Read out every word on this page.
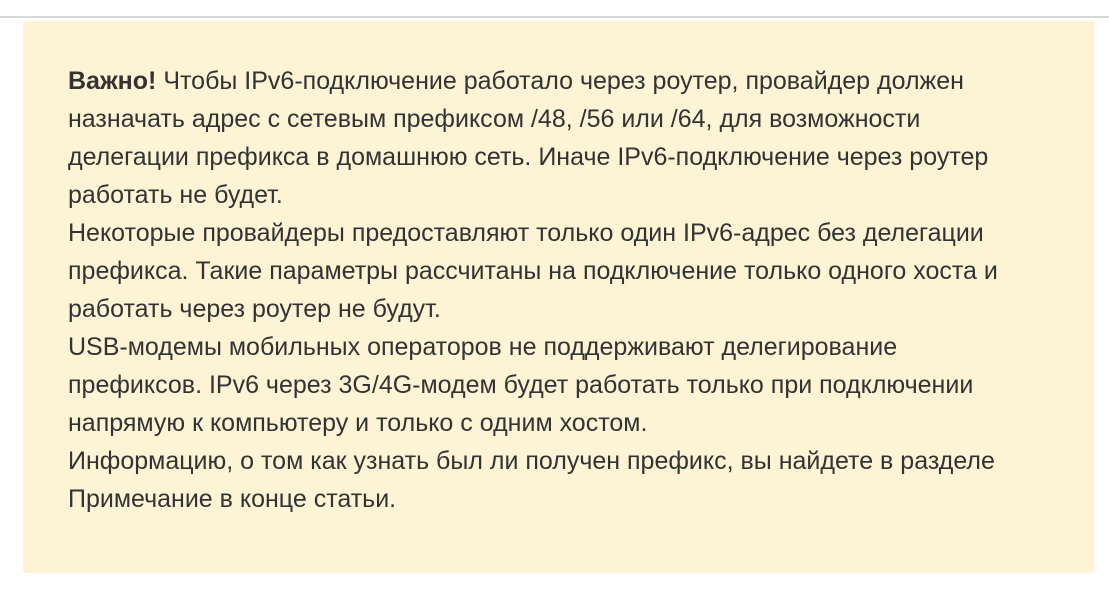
Важно! Чтобы IPv6-подключение работало через роутер, провайдер должен

назначать адрес с сетевым префиксом /48, /56 или /64, для возможности

делегации префикса в домашнюю сеть. Иначе IPv6-подключение через роутер

работать не будет.

Некоторые провайдеры предоставляют только один IPv6-адрес без делегации

префикса. Такие параметры рассчитаны на подключение только одного хоста и

работать через роутер не будут.

USB-модемы мобильных операторов не поддерживают делегирование

префиксов. IPv6 через 3G/4G-модем будет работать только при подключении

напрямую к компьютеру и только с одним хостом.

Информацию, о том как узнать был ли получен префикс, вы найдете в разделе

Примечание в конце статьи.
